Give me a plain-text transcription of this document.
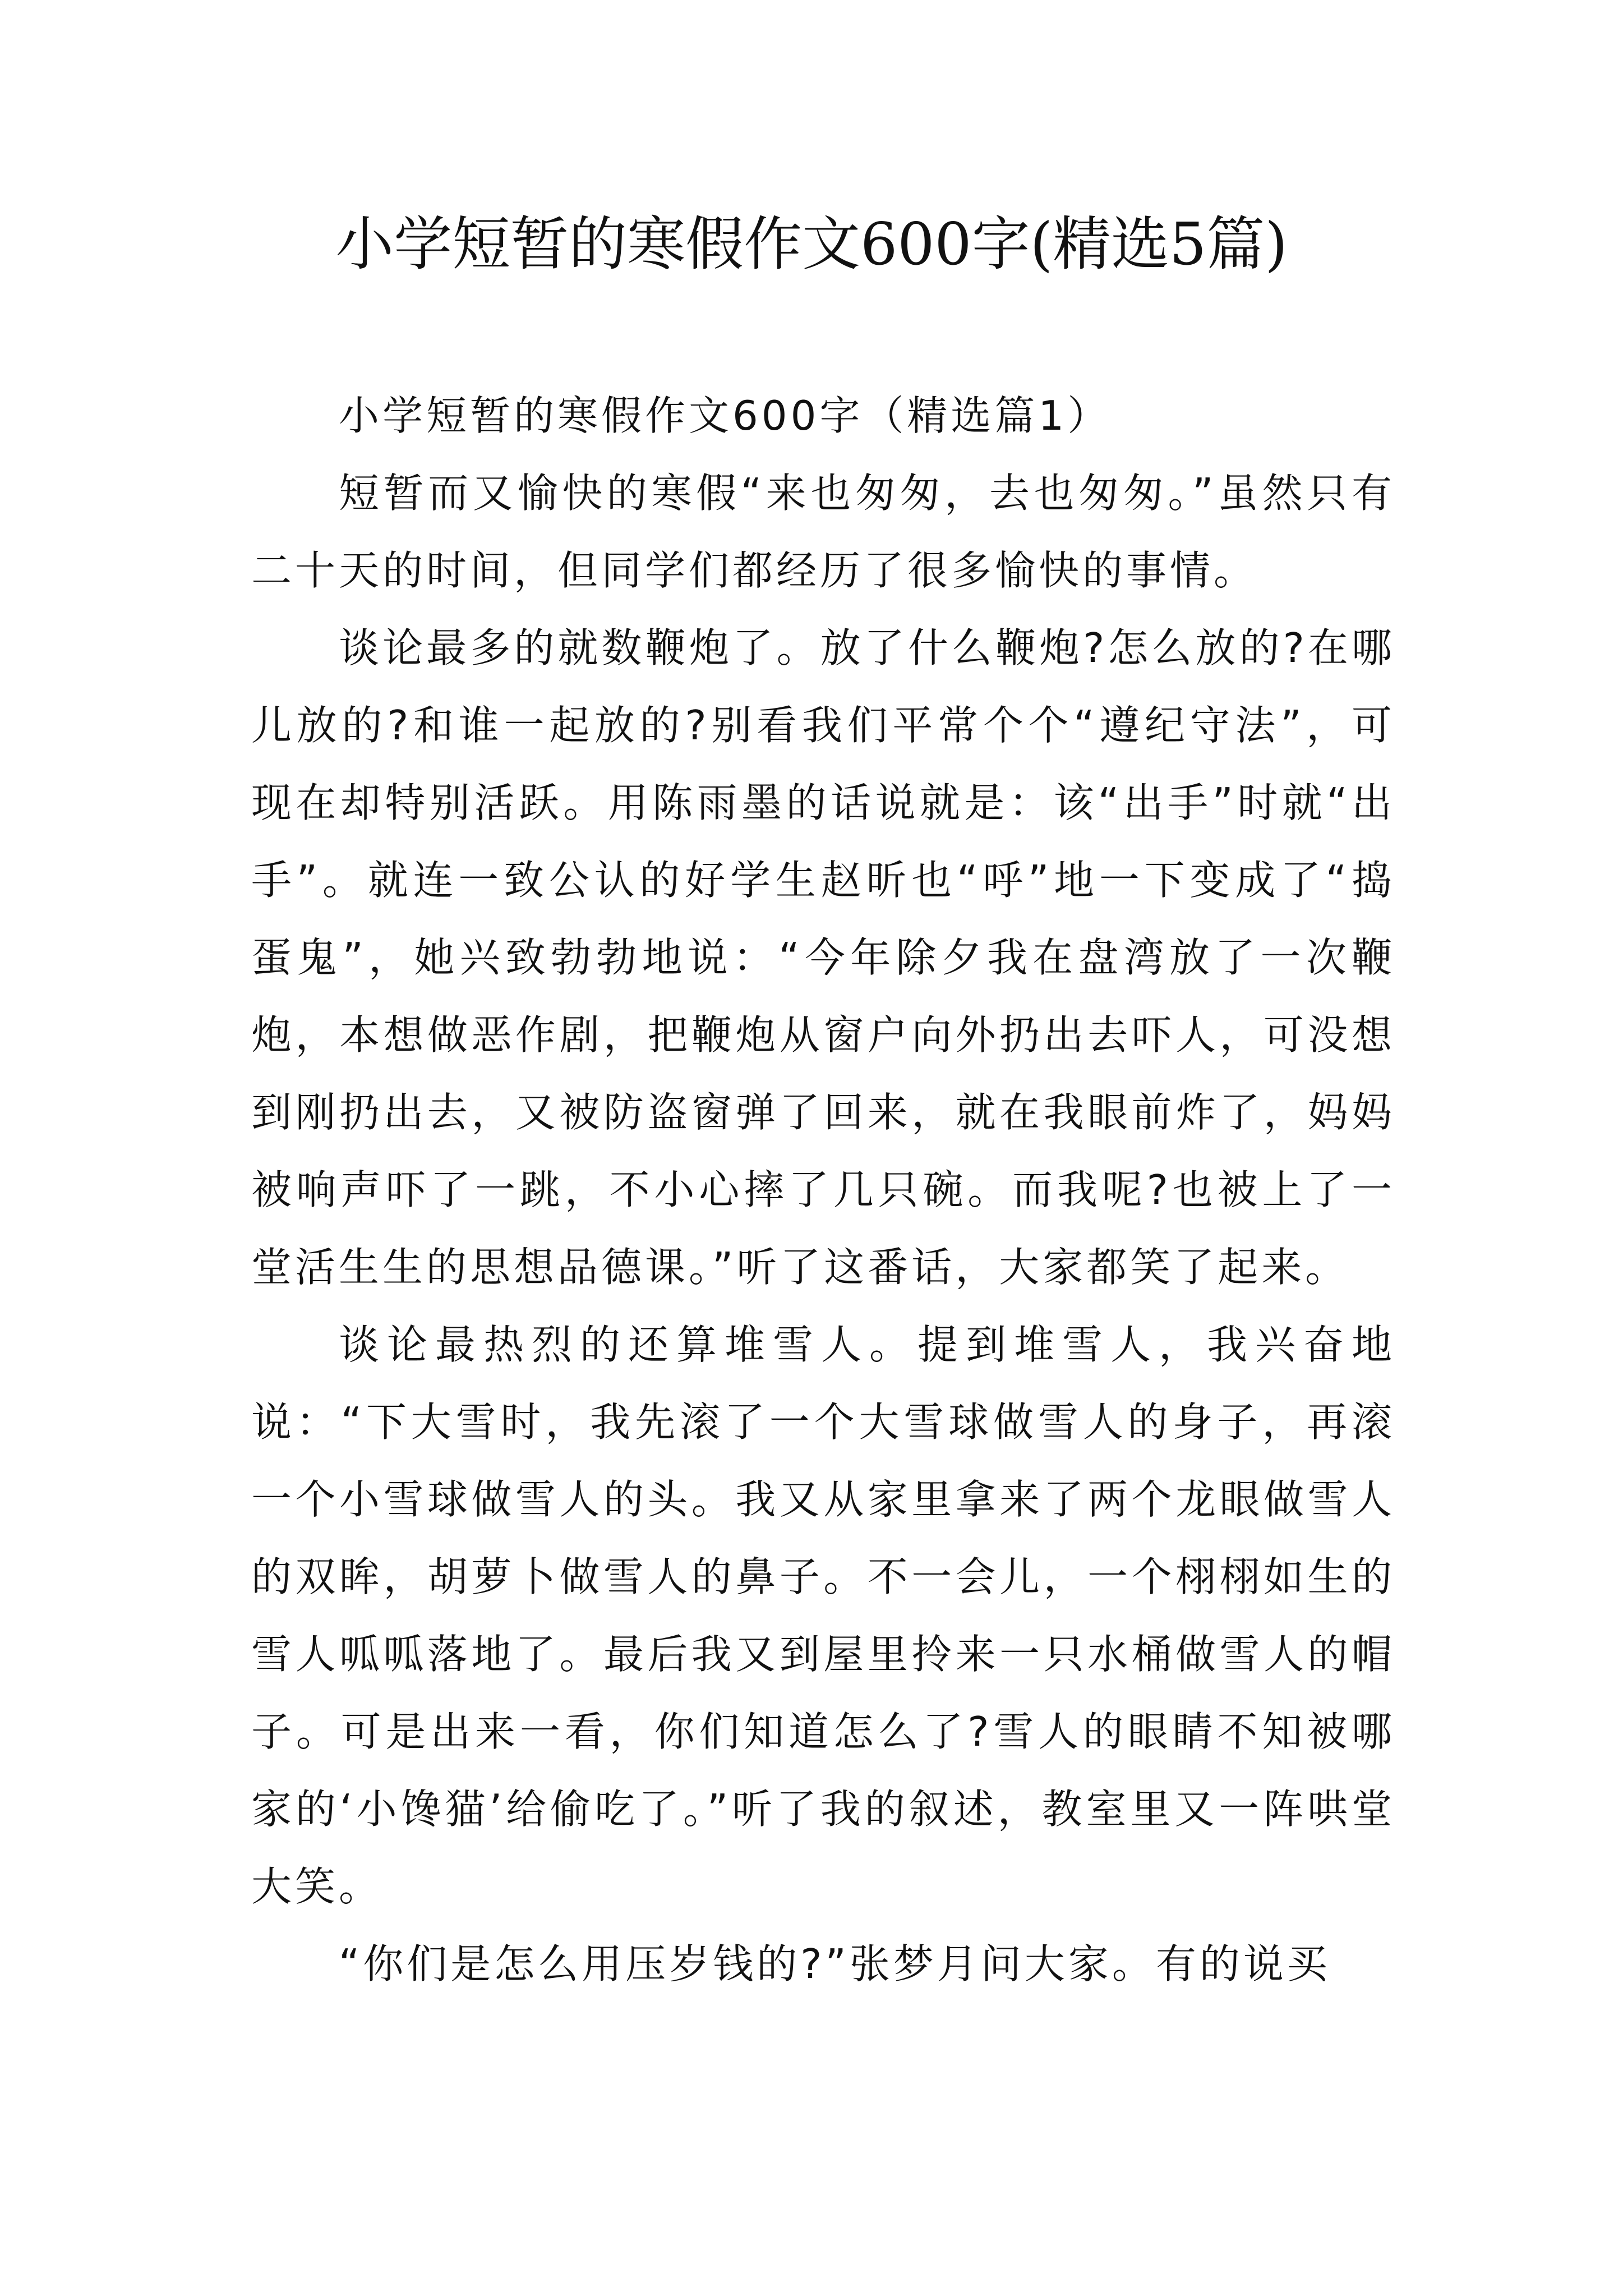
小学短暂的寒假作文600字(精选5篇)

小学短暂的寒假作文600字（精选篇1）

短暂而又愉快的寒假“来也匆匆，去也匆匆。”虽然只有二十天的时间，但同学们都经历了很多愉快的事情。

谈论最多的就数鞭炮了。放了什么鞭炮?怎么放的?在哪儿放的?和谁一起放的?别看我们平常个个“遵纪守法”，可现在却特别活跃。用陈雨墨的话说就是：该“出手”时就“出手”。就连一致公认的好学生赵昕也“呼”地一下变成了“捣蛋鬼”，她兴致勃勃地说：“今年除夕我在盘湾放了一次鞭炮，本想做恶作剧，把鞭炮从窗户向外扔出去吓人，可没想到刚扔出去，又被防盗窗弹了回来，就在我眼前炸了，妈妈被响声吓了一跳，不小心摔了几只碗。而我呢?也被上了一堂活生生的思想品德课。”听了这番话，大家都笑了起来。

谈论最热烈的还算堆雪人。提到堆雪人，我兴奋地说：“下大雪时，我先滚了一个大雪球做雪人的身子，再滚一个小雪球做雪人的头。我又从家里拿来了两个龙眼做雪人的双眸，胡萝卜做雪人的鼻子。不一会儿，一个栩栩如生的雪人呱呱落地了。最后我又到屋里拎来一只水桶做雪人的帽子。可是出来一看，你们知道怎么了?雪人的眼睛不知被哪家的‘小馋猫’给偷吃了。”听了我的叙述，教室里又一阵哄堂大笑。

“你们是怎么用压岁钱的?”张梦月问大家。有的说买
